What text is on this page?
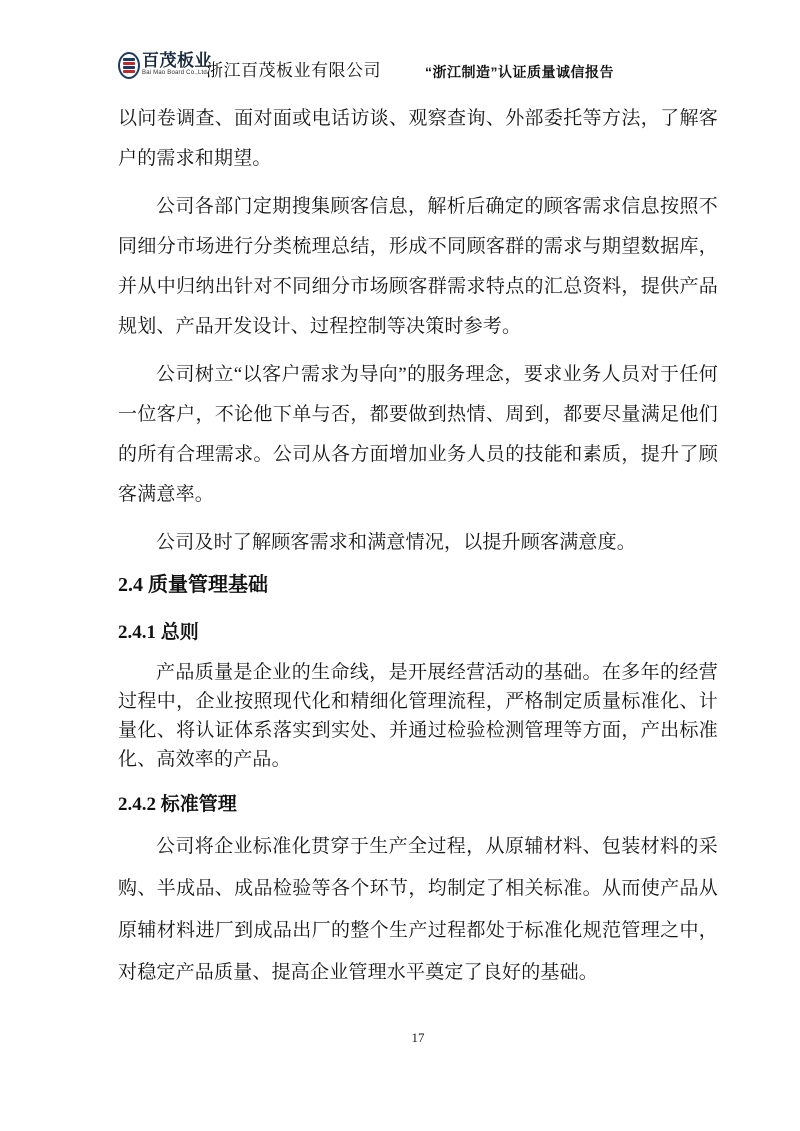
百茂板业
Bai Mao Board Co.,Ltd.
浙江百茂板业有限公司	“浙江制造”认证质量诚信报告

以问卷调查、面对面或电话访谈、观察查询、外部委托等方法，了解客户的需求和期望。

公司各部门定期搜集顾客信息，解析后确定的顾客需求信息按照不同细分市场进行分类梳理总结，形成不同顾客群的需求与期望数据库，并从中归纳出针对不同细分市场顾客群需求特点的汇总资料，提供产品规划、产品开发设计、过程控制等决策时参考。

公司树立“以客户需求为导向”的服务理念，要求业务人员对于任何一位客户，不论他下单与否，都要做到热情、周到，都要尽量满足他们的所有合理需求。公司从各方面增加业务人员的技能和素质，提升了顾客满意率。

公司及时了解顾客需求和满意情况，以提升顾客满意度。

2.4 质量管理基础
2.4.1 总则

产品质量是企业的生命线，是开展经营活动的基础。在多年的经营过程中，企业按照现代化和精细化管理流程，严格制定质量标准化、计量化、将认证体系落实到实处、并通过检验检测管理等方面，产出标准化、高效率的产品。

2.4.2 标准管理

公司将企业标准化贯穿于生产全过程，从原辅材料、包装材料的采购、半成品、成品检验等各个环节，均制定了相关标准。从而使产品从原辅材料进厂到成品出厂的整个生产过程都处于标准化规范管理之中，对稳定产品质量、提高企业管理水平奠定了良好的基础。

17
